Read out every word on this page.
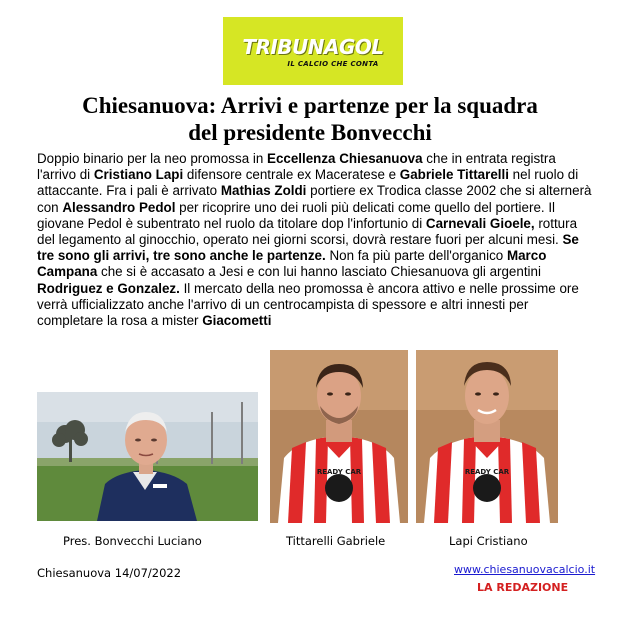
TRIBUNAGOL
IL CALCIO CHE CONTA
Chiesanuova: Arrivi e partenze per la squadra
del presidente Bonvecchi

Doppio binario per la neo promossa in Eccellenza Chiesanuova che in entrata registra l'arrivo di Cristiano Lapi difensore centrale ex Maceratese e Gabriele Tittarelli nel ruolo di attaccante. Fra i pali è arrivato Mathias Zoldi portiere ex Trodica classe 2002 che si alternerà con Alessandro Pedol per ricoprire uno dei ruoli più delicati come quello del portiere. Il giovane Pedol è subentrato nel ruolo da titolare dop l'infortunio di Carnevali Gioele, rottura del legamento al ginocchio, operato nei giorni scorsi, dovrà restare fuori per alcuni mesi. Se tre sono gli arrivi, tre sono anche le partenze. Non fa più parte dell'organico Marco Campana che si è accasato a Jesi e con lui hanno lasciato Chiesanuova gli argentini Rodriguez e Gonzalez. Il mercato della neo promossa è ancora attivo e nelle prossime ore verrà ufficializzato anche l'arrivo di un centrocampista di spessore e altri innesti per completare la rosa a mister Giacometti

READY CAR	READY CAR
Pres. Bonvecchi Luciano	Tittarelli Gabriele	Lapi Cristiano
Chiesanuova 14/07/2022	www.chiesanuovacalcio.it
LA REDAZIONE
